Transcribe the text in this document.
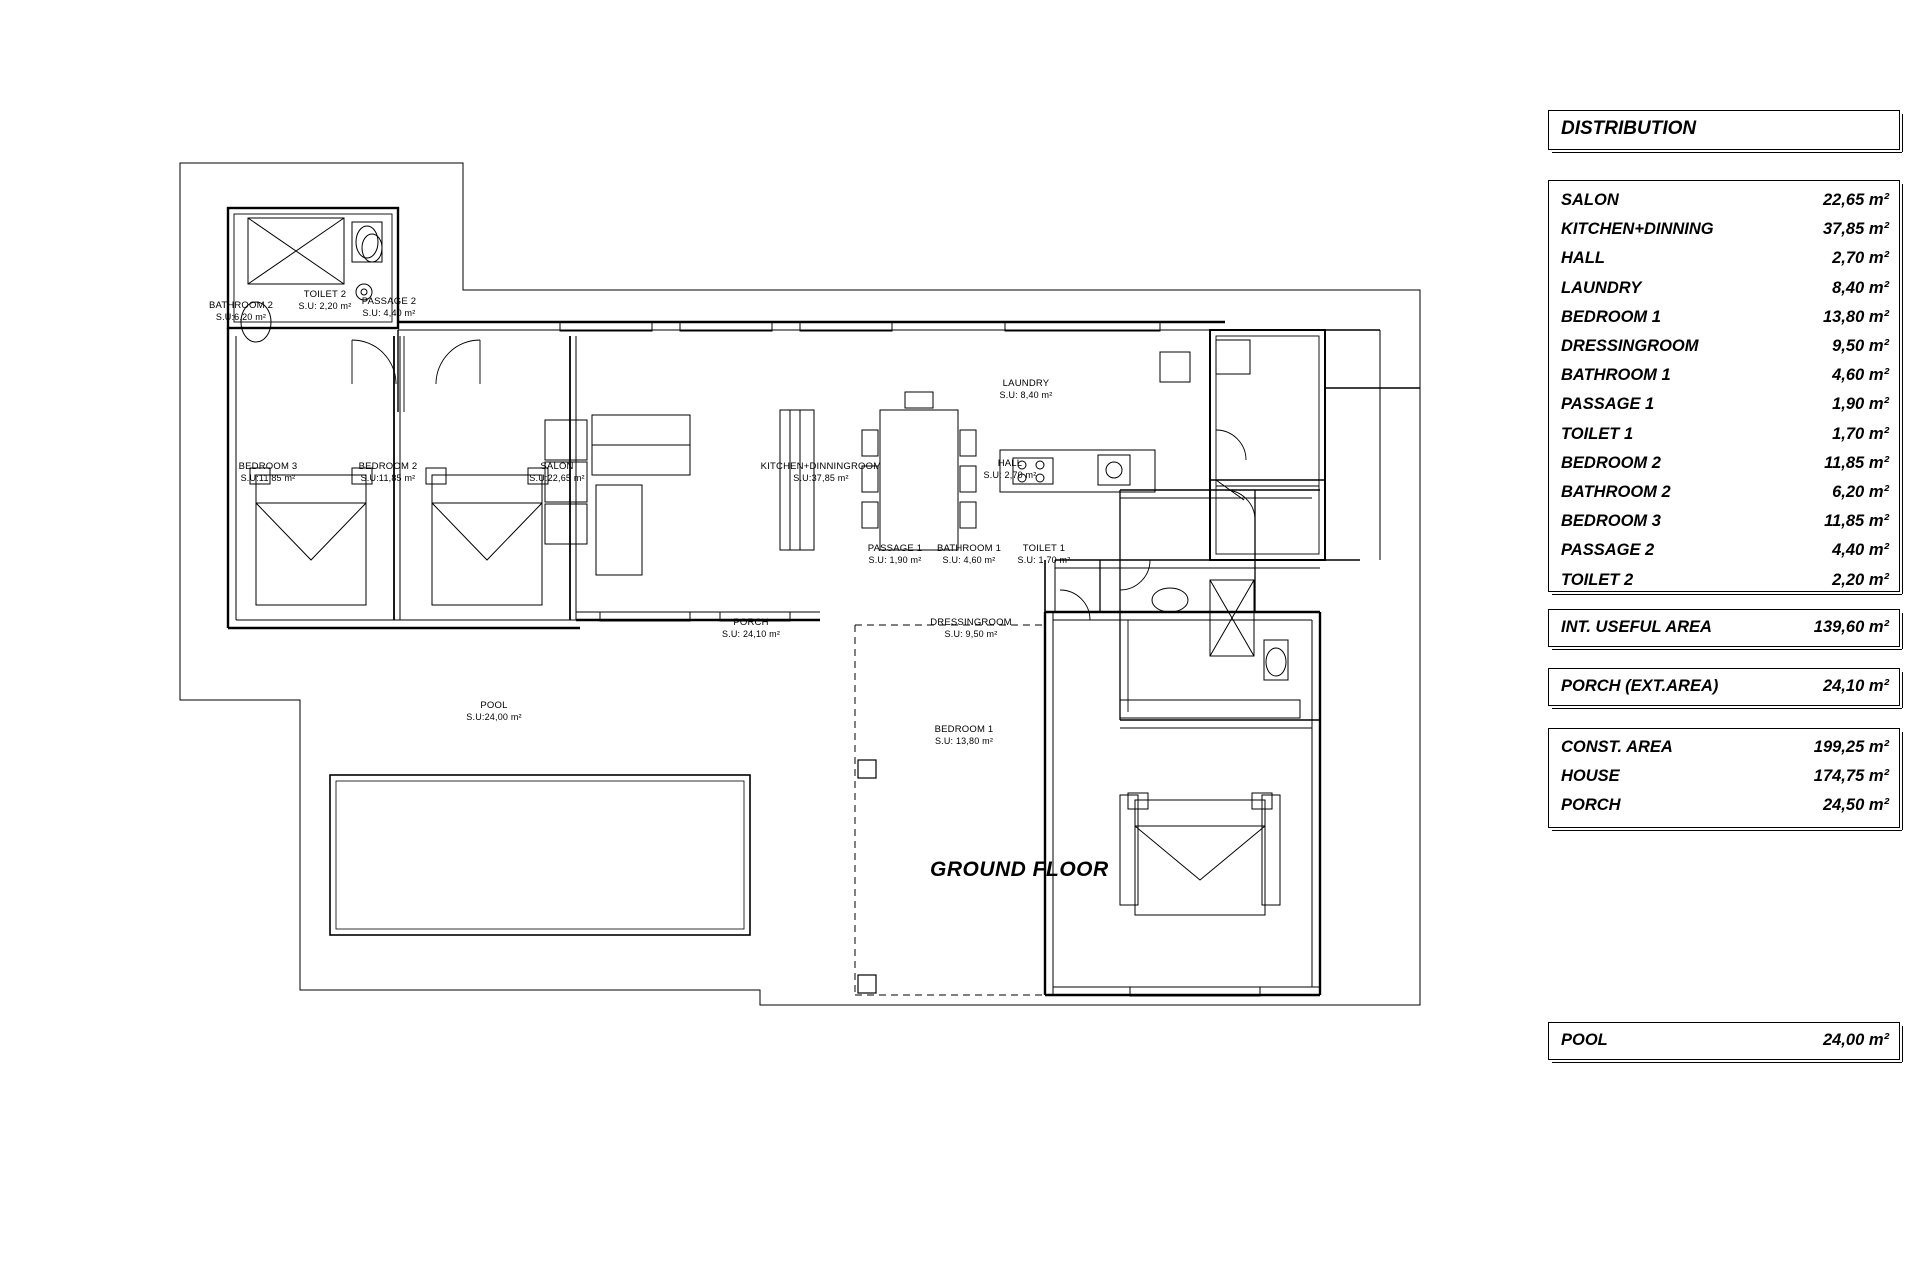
TOILET 2
S.U: 2,20 m²
BATHROOM 2
S.U:6,20 m²
PASSAGE 2
S.U: 4,40 m²
BEDROOM 3
S.U:11,85 m²
BEDROOM 2
S.U:11,85 m²
SALON
S.U:22,65 m²
KITCHEN+DINNINGROOM
S.U:37,85 m²
LAUNDRY
S.U: 8,40 m²
HALL
S.U: 2,70 m²
PASSAGE 1
S.U: 1,90 m²
BATHROOM 1
S.U: 4,60 m²
TOILET 1
S.U: 1,70 m²
DRESSINGROOM
S.U: 9,50 m²
BEDROOM 1
S.U: 13,80 m²
PORCH
S.U: 24,10 m²
POOL
S.U:24,00 m²
GROUND FLOOR
DISTRIBUTION
SALON	22,65 m²
KITCHEN+DINNING	37,85 m²
HALL	2,70 m²
LAUNDRY	8,40 m²
BEDROOM 1	13,80 m²
DRESSINGROOM	9,50 m²
BATHROOM 1	4,60 m²
PASSAGE 1	1,90 m²
TOILET 1	1,70 m²
BEDROOM 2	11,85 m²
BATHROOM 2	6,20 m²
BEDROOM 3	11,85 m²
PASSAGE 2	4,40 m²
TOILET 2	2,20 m²
INT. USEFUL AREA	139,60 m²
PORCH (EXT.AREA)	24,10 m²
CONST. AREA	199,25 m²
HOUSE	174,75 m²
PORCH	24,50 m²
POOL	24,00 m²
